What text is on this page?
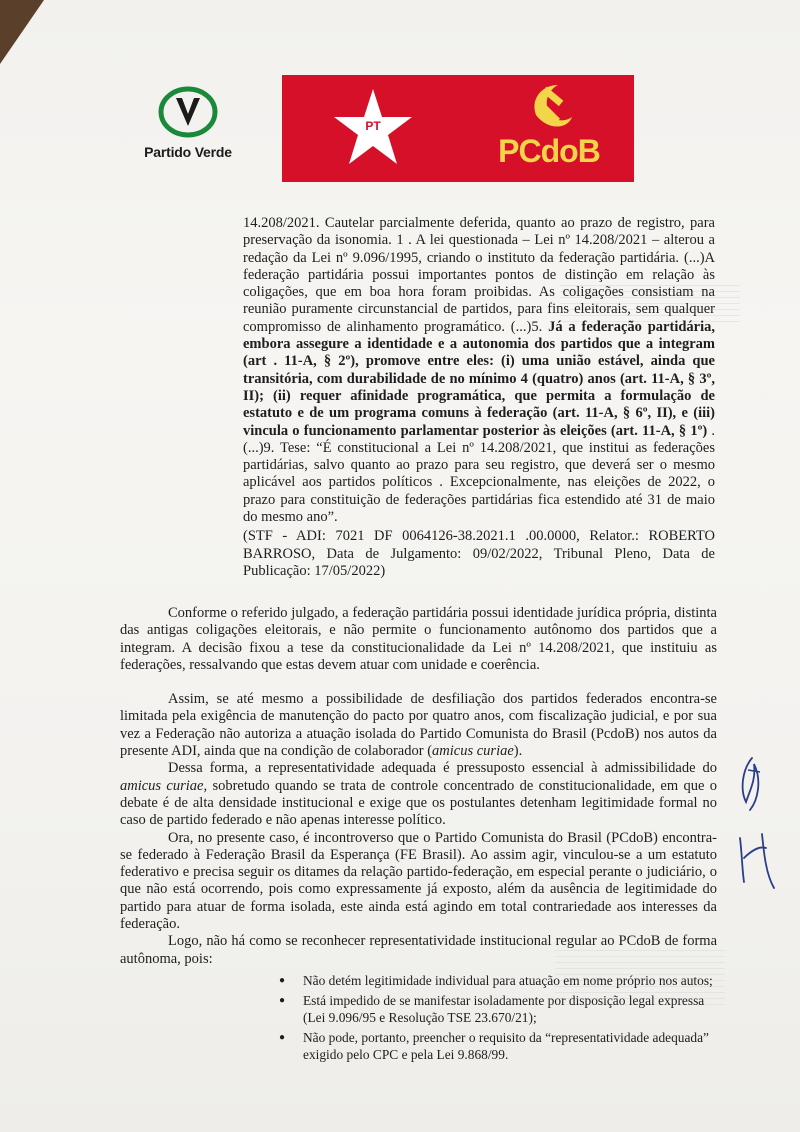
Partido Verde
PT
PCdoB

14.208/2021. Cautelar parcialmente deferida, quanto ao prazo de registro, para preservação da isonomia. 1 . A lei questionada – Lei nº 14.208/2021 – alterou a redação da Lei nº 9.096/1995, criando o instituto da federação partidária. (...)A federação partidária possui importantes pontos de distinção em relação às coligações, que em boa hora foram proibidas. As coligações consistiam na reunião puramente circunstancial de partidos, para fins eleitorais, sem qualquer compromisso de alinhamento programático. (...)5. Já a federação partidária, embora assegure a identidade e a autonomia dos partidos que a integram (art . 11-A, § 2º), promove entre eles: (i) uma união estável, ainda que transitória, com durabilidade de no mínimo 4 (quatro) anos (art. 11-A, § 3º, II); (ii) requer afinidade programática, que permita a formulação de estatuto e de um programa comuns à federação (art. 11-A, § 6º, II), e (iii) vincula o funcionamento parlamentar posterior às eleições (art. 11-A, § 1º) . (...)9. Tese: “É constitucional a Lei nº 14.208/2021, que institui as federações partidárias, salvo quanto ao prazo para seu registro, que deverá ser o mesmo aplicável aos partidos políticos . Excepcionalmente, nas eleições de 2022, o prazo para constituição de federações partidárias fica estendido até 31 de maio do mesmo ano”.

(STF - ADI: 7021 DF 0064126-38.2021.1 .00.0000, Relator.: ROBERTO BARROSO, Data de Julgamento: 09/02/2022, Tribunal Pleno, Data de Publicação: 17/05/2022)

Conforme o referido julgado, a federação partidária possui identidade jurídica própria, distinta das antigas coligações eleitorais, e não permite o funcionamento autônomo dos partidos que a integram. A decisão fixou a tese da constitucionalidade da Lei nº 14.208/2021, que instituiu as federações, ressalvando que estas devem atuar com unidade e coerência.

Assim, se até mesmo a possibilidade de desfiliação dos partidos federados encontra-se limitada pela exigência de manutenção do pacto por quatro anos, com fiscalização judicial, e por sua vez a Federação não autoriza a atuação isolada do Partido Comunista do Brasil (PcdoB) nos autos da presente ADI, ainda que na condição de colaborador (amicus curiae).

Dessa forma, a representatividade adequada é pressuposto essencial à admissibilidade do amicus curiae, sobretudo quando se trata de controle concentrado de constitucionalidade, em que o debate é de alta densidade institucional e exige que os postulantes detenham legitimidade formal no caso de partido federado e não apenas interesse político.

Ora, no presente caso, é incontroverso que o Partido Comunista do Brasil (PCdoB) encontra-se federado à Federação Brasil da Esperança (FE Brasil). Ao assim agir, vinculou-se a um estatuto federativo e precisa seguir os ditames da relação partido-federação, em especial perante o judiciário, o que não está ocorrendo, pois como expressamente já exposto, além da ausência de legitimidade do partido para atuar de forma isolada, este ainda está agindo em total contrariedade aos interesses da federação.

Logo, não há como se reconhecer representatividade institucional regular ao PCdoB de forma autônoma, pois:

● Não detém legitimidade individual para atuação em nome próprio nos autos;
● Está impedido de se manifestar isoladamente por disposição legal expressa (Lei 9.096/95 e Resolução TSE 23.670/21);
● Não pode, portanto, preencher o requisito da “representatividade adequada” exigido pelo CPC e pela Lei 9.868/99.
